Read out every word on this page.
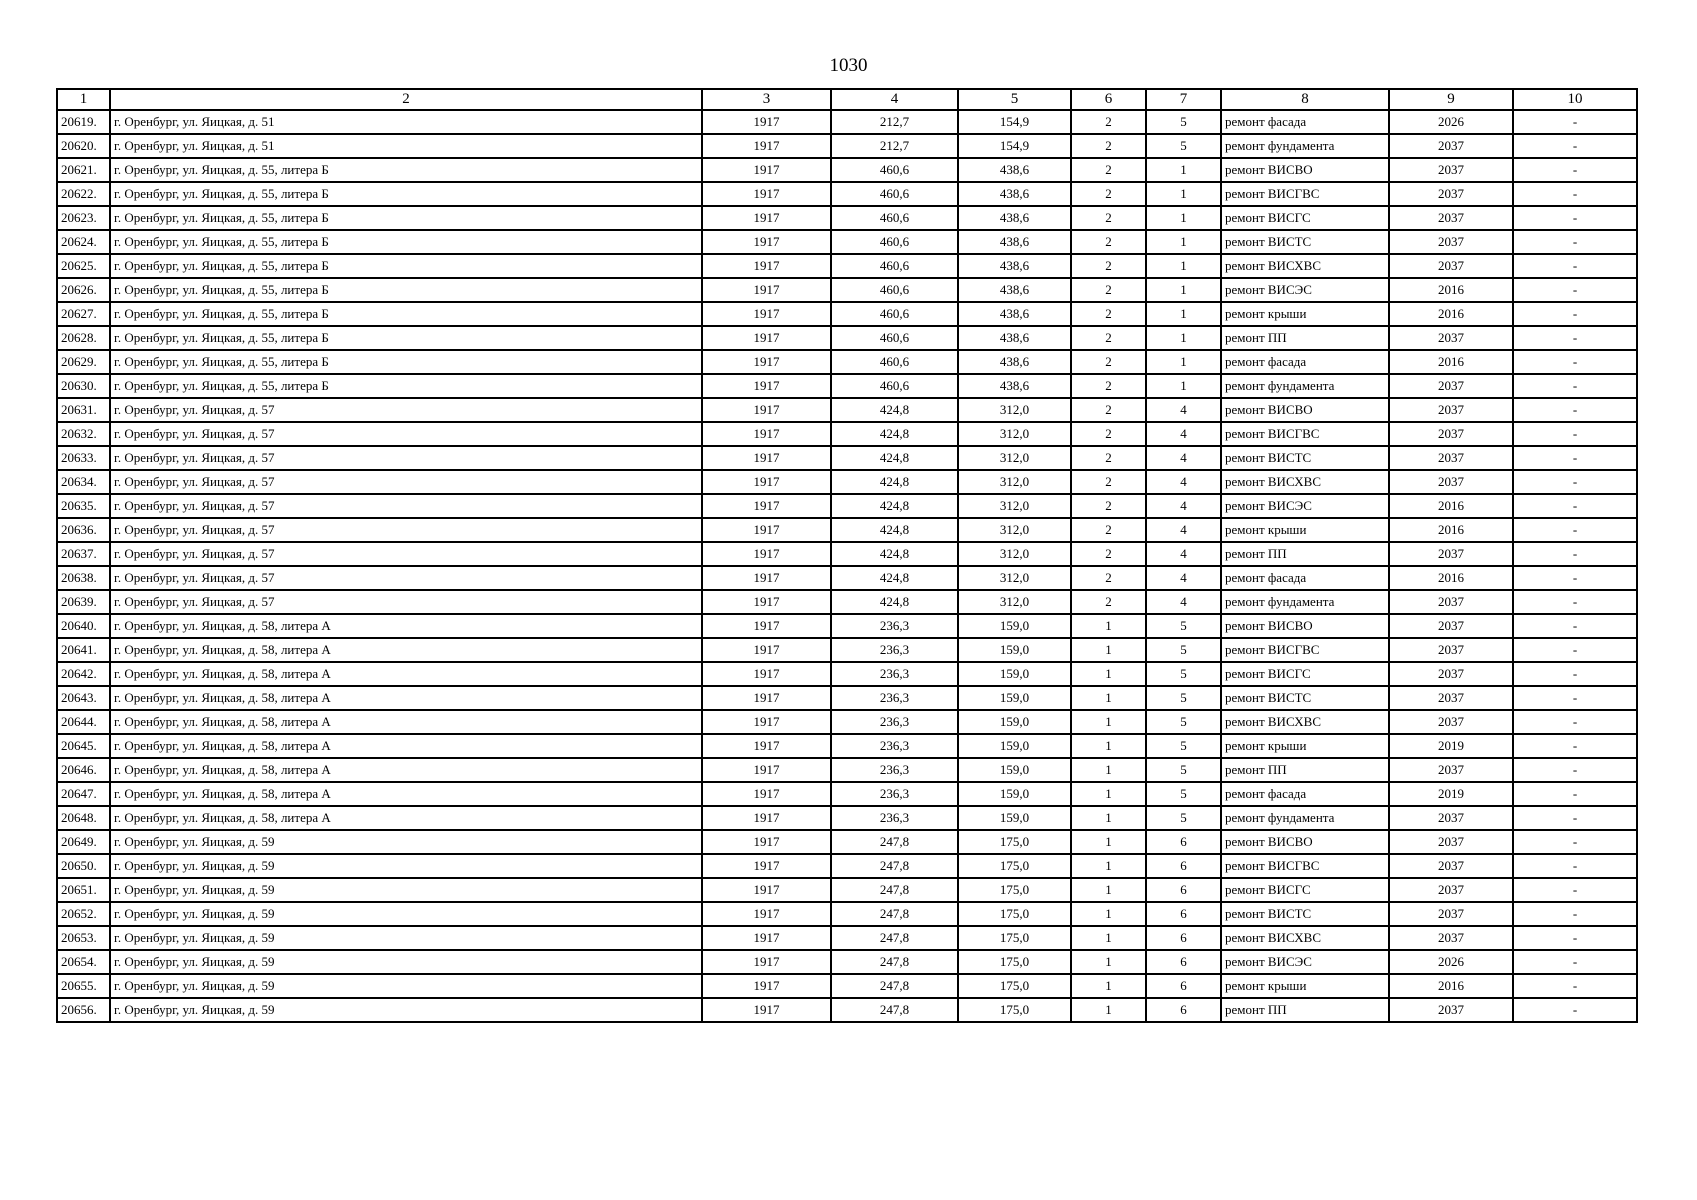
1030
1	2	3	4	5	6	7	8	9	10
20619.	г. Оренбург, ул. Яицкая, д. 51	1917	212,7	154,9	2	5	ремонт фасада	2026	-
20620.	г. Оренбург, ул. Яицкая, д. 51	1917	212,7	154,9	2	5	ремонт фундамента	2037	-
20621.	г. Оренбург, ул. Яицкая, д. 55, литера Б	1917	460,6	438,6	2	1	ремонт ВИСВО	2037	-
20622.	г. Оренбург, ул. Яицкая, д. 55, литера Б	1917	460,6	438,6	2	1	ремонт ВИСГВС	2037	-
20623.	г. Оренбург, ул. Яицкая, д. 55, литера Б	1917	460,6	438,6	2	1	ремонт ВИСГС	2037	-
20624.	г. Оренбург, ул. Яицкая, д. 55, литера Б	1917	460,6	438,6	2	1	ремонт ВИСТС	2037	-
20625.	г. Оренбург, ул. Яицкая, д. 55, литера Б	1917	460,6	438,6	2	1	ремонт ВИСХВС	2037	-
20626.	г. Оренбург, ул. Яицкая, д. 55, литера Б	1917	460,6	438,6	2	1	ремонт ВИСЭС	2016	-
20627.	г. Оренбург, ул. Яицкая, д. 55, литера Б	1917	460,6	438,6	2	1	ремонт крыши	2016	-
20628.	г. Оренбург, ул. Яицкая, д. 55, литера Б	1917	460,6	438,6	2	1	ремонт ПП	2037	-
20629.	г. Оренбург, ул. Яицкая, д. 55, литера Б	1917	460,6	438,6	2	1	ремонт фасада	2016	-
20630.	г. Оренбург, ул. Яицкая, д. 55, литера Б	1917	460,6	438,6	2	1	ремонт фундамента	2037	-
20631.	г. Оренбург, ул. Яицкая, д. 57	1917	424,8	312,0	2	4	ремонт ВИСВО	2037	-
20632.	г. Оренбург, ул. Яицкая, д. 57	1917	424,8	312,0	2	4	ремонт ВИСГВС	2037	-
20633.	г. Оренбург, ул. Яицкая, д. 57	1917	424,8	312,0	2	4	ремонт ВИСТС	2037	-
20634.	г. Оренбург, ул. Яицкая, д. 57	1917	424,8	312,0	2	4	ремонт ВИСХВС	2037	-
20635.	г. Оренбург, ул. Яицкая, д. 57	1917	424,8	312,0	2	4	ремонт ВИСЭС	2016	-
20636.	г. Оренбург, ул. Яицкая, д. 57	1917	424,8	312,0	2	4	ремонт крыши	2016	-
20637.	г. Оренбург, ул. Яицкая, д. 57	1917	424,8	312,0	2	4	ремонт ПП	2037	-
20638.	г. Оренбург, ул. Яицкая, д. 57	1917	424,8	312,0	2	4	ремонт фасада	2016	-
20639.	г. Оренбург, ул. Яицкая, д. 57	1917	424,8	312,0	2	4	ремонт фундамента	2037	-
20640.	г. Оренбург, ул. Яицкая, д. 58, литера А	1917	236,3	159,0	1	5	ремонт ВИСВО	2037	-
20641.	г. Оренбург, ул. Яицкая, д. 58, литера А	1917	236,3	159,0	1	5	ремонт ВИСГВС	2037	-
20642.	г. Оренбург, ул. Яицкая, д. 58, литера А	1917	236,3	159,0	1	5	ремонт ВИСГС	2037	-
20643.	г. Оренбург, ул. Яицкая, д. 58, литера А	1917	236,3	159,0	1	5	ремонт ВИСТС	2037	-
20644.	г. Оренбург, ул. Яицкая, д. 58, литера А	1917	236,3	159,0	1	5	ремонт ВИСХВС	2037	-
20645.	г. Оренбург, ул. Яицкая, д. 58, литера А	1917	236,3	159,0	1	5	ремонт крыши	2019	-
20646.	г. Оренбург, ул. Яицкая, д. 58, литера А	1917	236,3	159,0	1	5	ремонт ПП	2037	-
20647.	г. Оренбург, ул. Яицкая, д. 58, литера А	1917	236,3	159,0	1	5	ремонт фасада	2019	-
20648.	г. Оренбург, ул. Яицкая, д. 58, литера А	1917	236,3	159,0	1	5	ремонт фундамента	2037	-
20649.	г. Оренбург, ул. Яицкая, д. 59	1917	247,8	175,0	1	6	ремонт ВИСВО	2037	-
20650.	г. Оренбург, ул. Яицкая, д. 59	1917	247,8	175,0	1	6	ремонт ВИСГВС	2037	-
20651.	г. Оренбург, ул. Яицкая, д. 59	1917	247,8	175,0	1	6	ремонт ВИСГС	2037	-
20652.	г. Оренбург, ул. Яицкая, д. 59	1917	247,8	175,0	1	6	ремонт ВИСТС	2037	-
20653.	г. Оренбург, ул. Яицкая, д. 59	1917	247,8	175,0	1	6	ремонт ВИСХВС	2037	-
20654.	г. Оренбург, ул. Яицкая, д. 59	1917	247,8	175,0	1	6	ремонт ВИСЭС	2026	-
20655.	г. Оренбург, ул. Яицкая, д. 59	1917	247,8	175,0	1	6	ремонт крыши	2016	-
20656.	г. Оренбург, ул. Яицкая, д. 59	1917	247,8	175,0	1	6	ремонт ПП	2037	-
